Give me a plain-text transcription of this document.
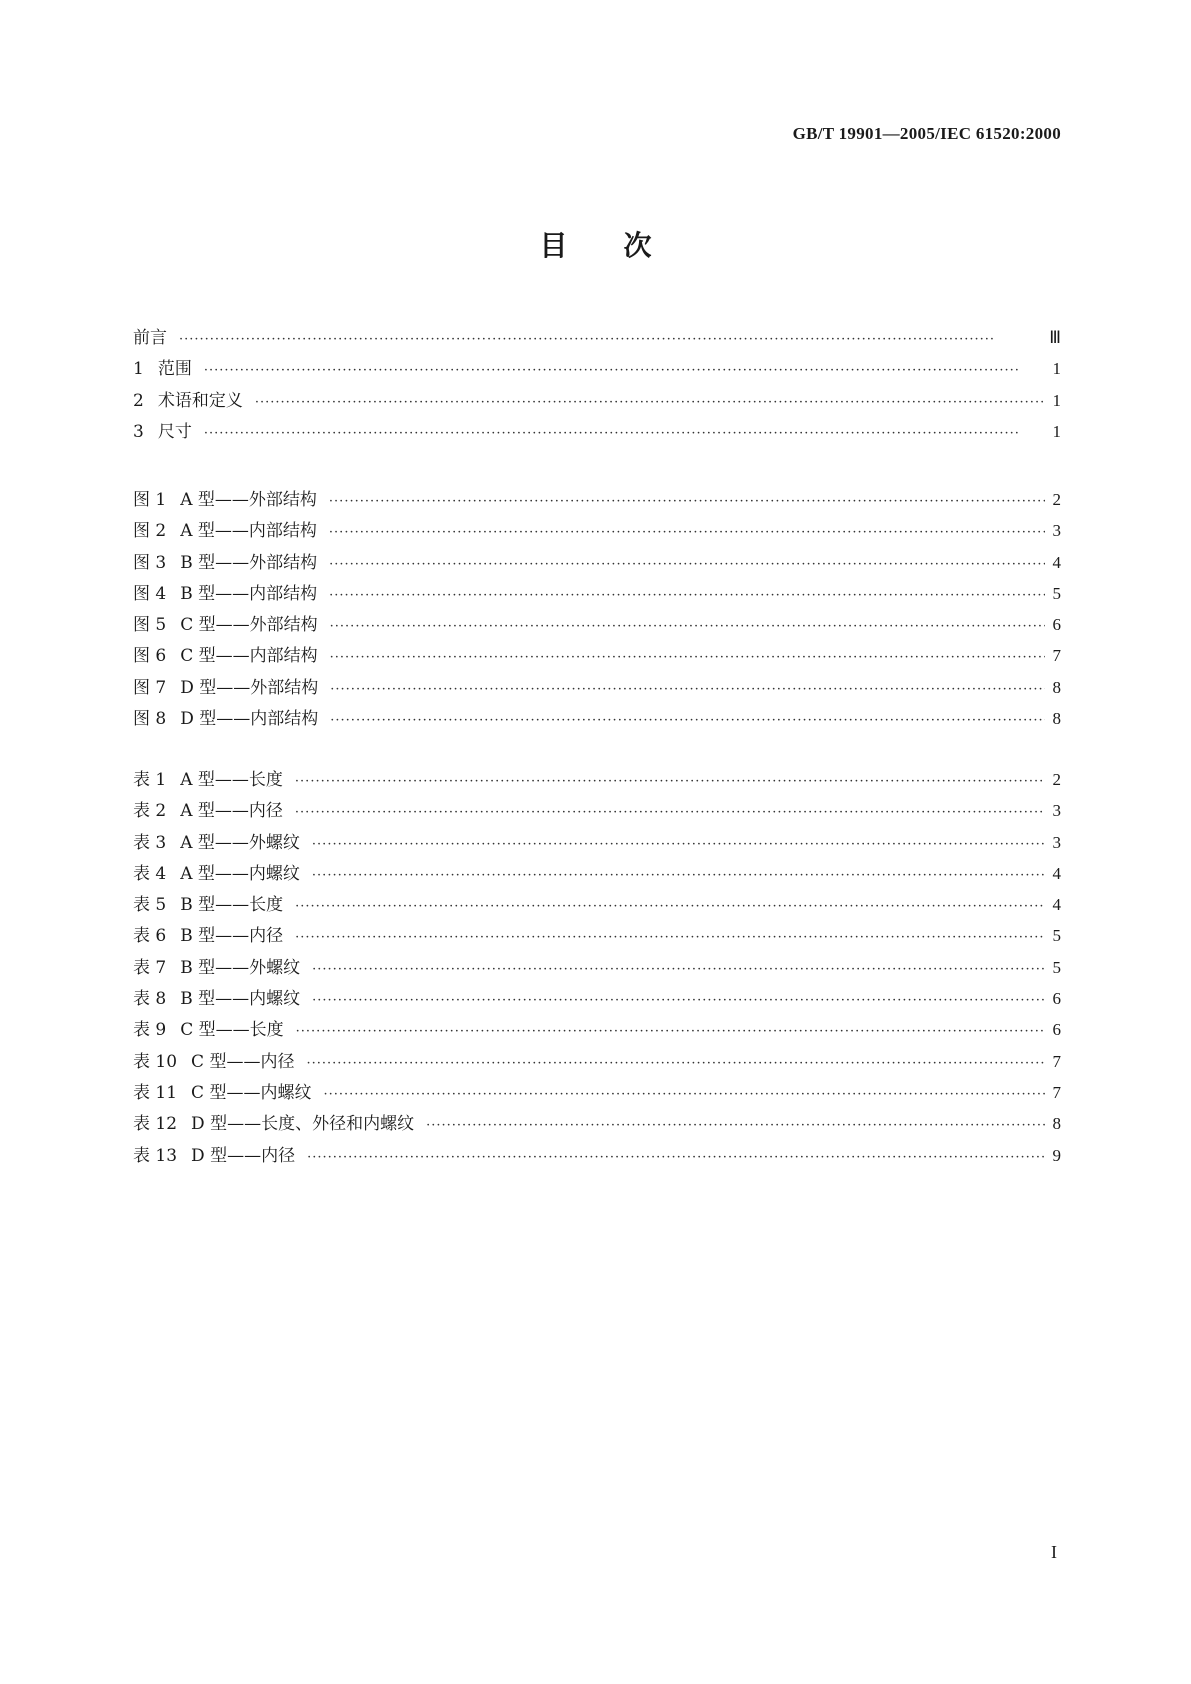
GB/T 19901—2005/IEC 61520:2000
目次
前言 ·····	Ⅲ
1 范围 ·····	1
2 术语和定义 ·····	1
3 尺寸 ·····	1
图 1 A 型——外部结构 ·····	2
图 2 A 型——内部结构 ·····	3
图 3 B 型——外部结构 ·····	4
图 4 B 型——内部结构 ·····	5
图 5 C 型——外部结构 ·····	6
图 6 C 型——内部结构 ·····	7
图 7 D 型——外部结构 ·····	8
图 8 D 型——内部结构 ·····	8
表 1 A 型——长度 ·····	2
表 2 A 型——内径 ·····	3
表 3 A 型——外螺纹 ·····	3
表 4 A 型——内螺纹 ·····	4
表 5 B 型——长度 ·····	4
表 6 B 型——内径 ·····	5
表 7 B 型——外螺纹 ·····	5
表 8 B 型——内螺纹 ·····	6
表 9 C 型——长度 ·····	6
表 10 C 型——内径 ·····	7
表 11 C 型——内螺纹 ·····	7
表 12 D 型——长度、外径和内螺纹 ·····	8
表 13 D 型——内径 ·····	9
I
